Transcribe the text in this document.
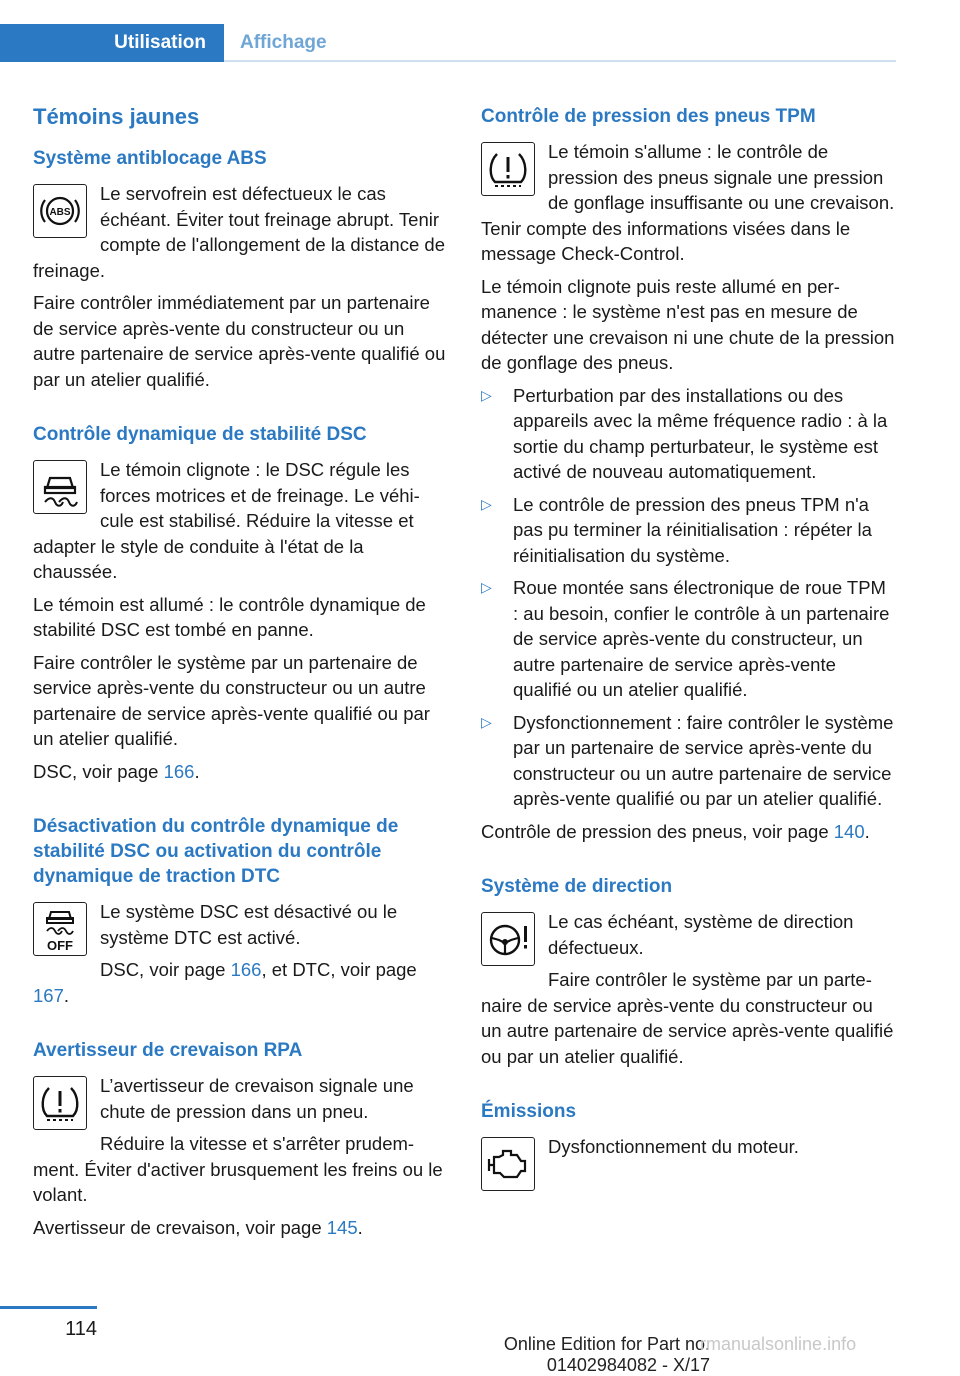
Utilisation	Affichage
Témoins jaunes
Système antiblocage ABS
ABS

Le servofrein est défectueux le cas échéant. Éviter tout freinage abrupt. Tenir compte de l'allongement de la distance de freinage.

Faire contrôler immédiatement par un partenaire de service après-vente du constructeur ou un autre partenaire de service après-vente qualifié ou par un atelier qualifié.

Contrôle dynamique de stabilité DSC

Le témoin clignote : le DSC régule les forces motrices et de freinage. Le véhicule est stabilisé. Réduire la vitesse et adapter le style de conduite à l'état de la chaussée.

Le témoin est allumé : le contrôle dynamique de stabilité DSC est tombé en panne.

Faire contrôler le système par un partenaire de service après-vente du constructeur ou un autre partenaire de service après-vente qualifié ou par un atelier qualifié.

DSC, voir page 166.

Désactivation du contrôle dynamique de stabilité DSC ou activation du contrôle dynamique de traction DTC
OFF

Le système DSC est désactivé ou le système DTC est activé.

DSC, voir page 166, et DTC, voir page 167.

Avertisseur de crevaison RPA

L’avertisseur de crevaison signale une chute de pression dans un pneu.

Réduire la vitesse et s'arrêter prudemment. Éviter d'activer brusquement les freins ou le volant.

Avertisseur de crevaison, voir page 145.

Contrôle de pression des pneus TPM

Le témoin s'allume : le contrôle de pression des pneus signale une pression de gonflage insuffisante ou une crevaison. Tenir compte des informations visées dans le message Check-Control.

Le témoin clignote puis reste allumé en permanence : le système n'est pas en mesure de détecter une crevaison ni une chute de la pression de gonflage des pneus.

▷ Perturbation par des installations ou des appareils avec la même fréquence radio : à la sortie du champ perturbateur, le système est activé de nouveau automatiquement.
▷ Le contrôle de pression des pneus TPM n'a pas pu terminer la réinitialisation : répéter la réinitialisation du système.
▷ Roue montée sans électronique de roue TPM : au besoin, confier le contrôle à un partenaire de service après-vente du constructeur, un autre partenaire de service après-vente qualifié ou un atelier qualifié.
▷ Dysfonctionnement : faire contrôler le système par un partenaire de service après-vente du constructeur ou un autre partenaire de service après-vente qualifié ou par un atelier qualifié.

Contrôle de pression des pneus, voir page 140.

Système de direction

Le cas échéant, système de direction défectueux.

Faire contrôler le système par un partenaire de service après-vente du constructeur ou un autre partenaire de service après-vente qualifié ou par un atelier qualifié.

Émissions

Dysfonctionnement du moteur.

114
Online Edition for Part no. 01402984082 - X/17
rmanualsonline.info
